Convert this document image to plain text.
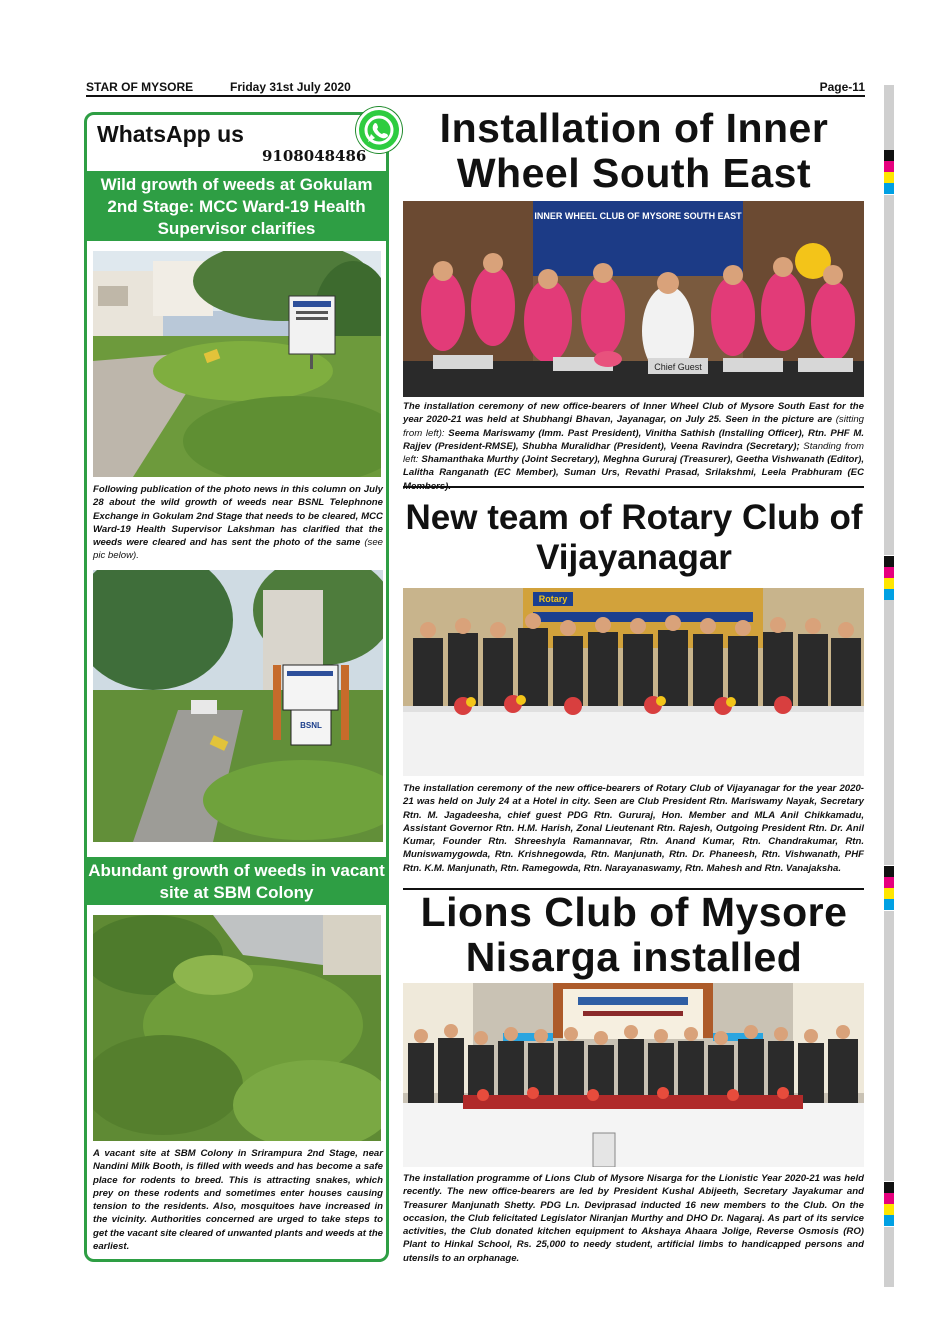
STAR OF MYSORE	Friday 31st July 2020	Page-11
WhatsApp us
9108048486
Wild growth of weeds at Gokulam 2nd Stage: MCC Ward-19 Health Supervisor clarifies
Following publication of the photo news in this column on July 28 about the wild growth of weeds near BSNL Telephnone Exchange in Gokulam 2nd Stage that needs to be cleared, MCC Ward-19 Health Supervisor Lakshman has clarified that the weeds were cleared and has sent the photo of the same (see pic below).
BSNL
Abundant growth of weeds in vacant site at SBM Colony
A vacant site at SBM Colony in Srirampura 2nd Stage, near Nandini Milk Booth, is filled with weeds and has become a safe place for rodents to breed. This is attracting snakes, which prey on these rodents and sometimes enter houses causing tension to the residents. Also, mosquitoes have increased in the vicinity. Authorities concerned are urged to take steps to get the vacant site cleared of unwanted plants and weeds at the earliest.
Installation of Inner Wheel South East
INNER WHEEL CLUB OF MYSORE SOUTH EAST
Chief Guest
The installation ceremony of new office-bearers of Inner Wheel Club of Mysore South East for the year 2020-21 was held at Shubhangi Bhavan, Jayanagar, on July 25. Seen in the picture are (sitting from left): Seema Mariswamy (Imm. Past President), Vinitha Sathish (Installing Officer), Rtn. PHF M. Rajjev (President-RMSE), Shubha Muralidhar (President), Veena Ravindra (Secretary); Standing from left: Shamanthaka Murthy (Joint Secretary), Meghna Gururaj (Treasurer), Geetha Vishwanath (Editor), Lalitha Ranganath (EC Member), Suman Urs, Revathi Prasad, Srilakshmi, Leela Prabhuram (EC
New team of Rotary Club of Vijayanagar
Rotary
The installation ceremony of the new office-bearers of Rotary Club of Vijayanagar for the year 2020-21 was held on July 24 at a Hotel in city. Seen are Club President Rtn. Mariswamy Nayak, Secretary Rtn. M. Jagadeesha, chief guest PDG Rtn. Gururaj, Hon. Member and MLA Anil Chikkamadu, Assistant Governor Rtn. H.M. Harish, Zonal Lieutenant Rtn. Rajesh, Outgoing President Rtn. Dr. Anil Kumar, Founder Rtn. Shreeshyla Ramannavar, Rtn. Anand Kumar, Rtn. Chandrakumar, Rtn. Muniswamygowda, Rtn. Krishnegowda, Rtn. Manjunath, Rtn. Dr. Phaneesh, Rtn. Vishwanath, PHF Rtn. K.M. Manjunath, Rtn. Ramegowda, Rtn. Narayanaswamy, Rtn. Mahesh and Rtn. Vanajaksha.
Lions Club of Mysore Nisarga installed
The installation programme of Lions Club of Mysore Nisarga for the Lionistic Year 2020-21 was held recently. The new office-bearers are led by President Kushal Abijeeth, Secretary Jayakumar and Treasurer Manjunath Shetty. PDG Ln. Deviprasad inducted 16 new members to the Club. On the occasion, the Club felicitated Legislator Niranjan Murthy and DHO Dr. Nagaraj. As part of its service activities, the Club donated kitchen equipment to Akshaya Ahaara Jolige, Reverse Osmosis (RO) Plant to Hinkal School, Rs. 25,000 to needy student, artificial limbs to handicapped persons and utensils to an orphanage.
